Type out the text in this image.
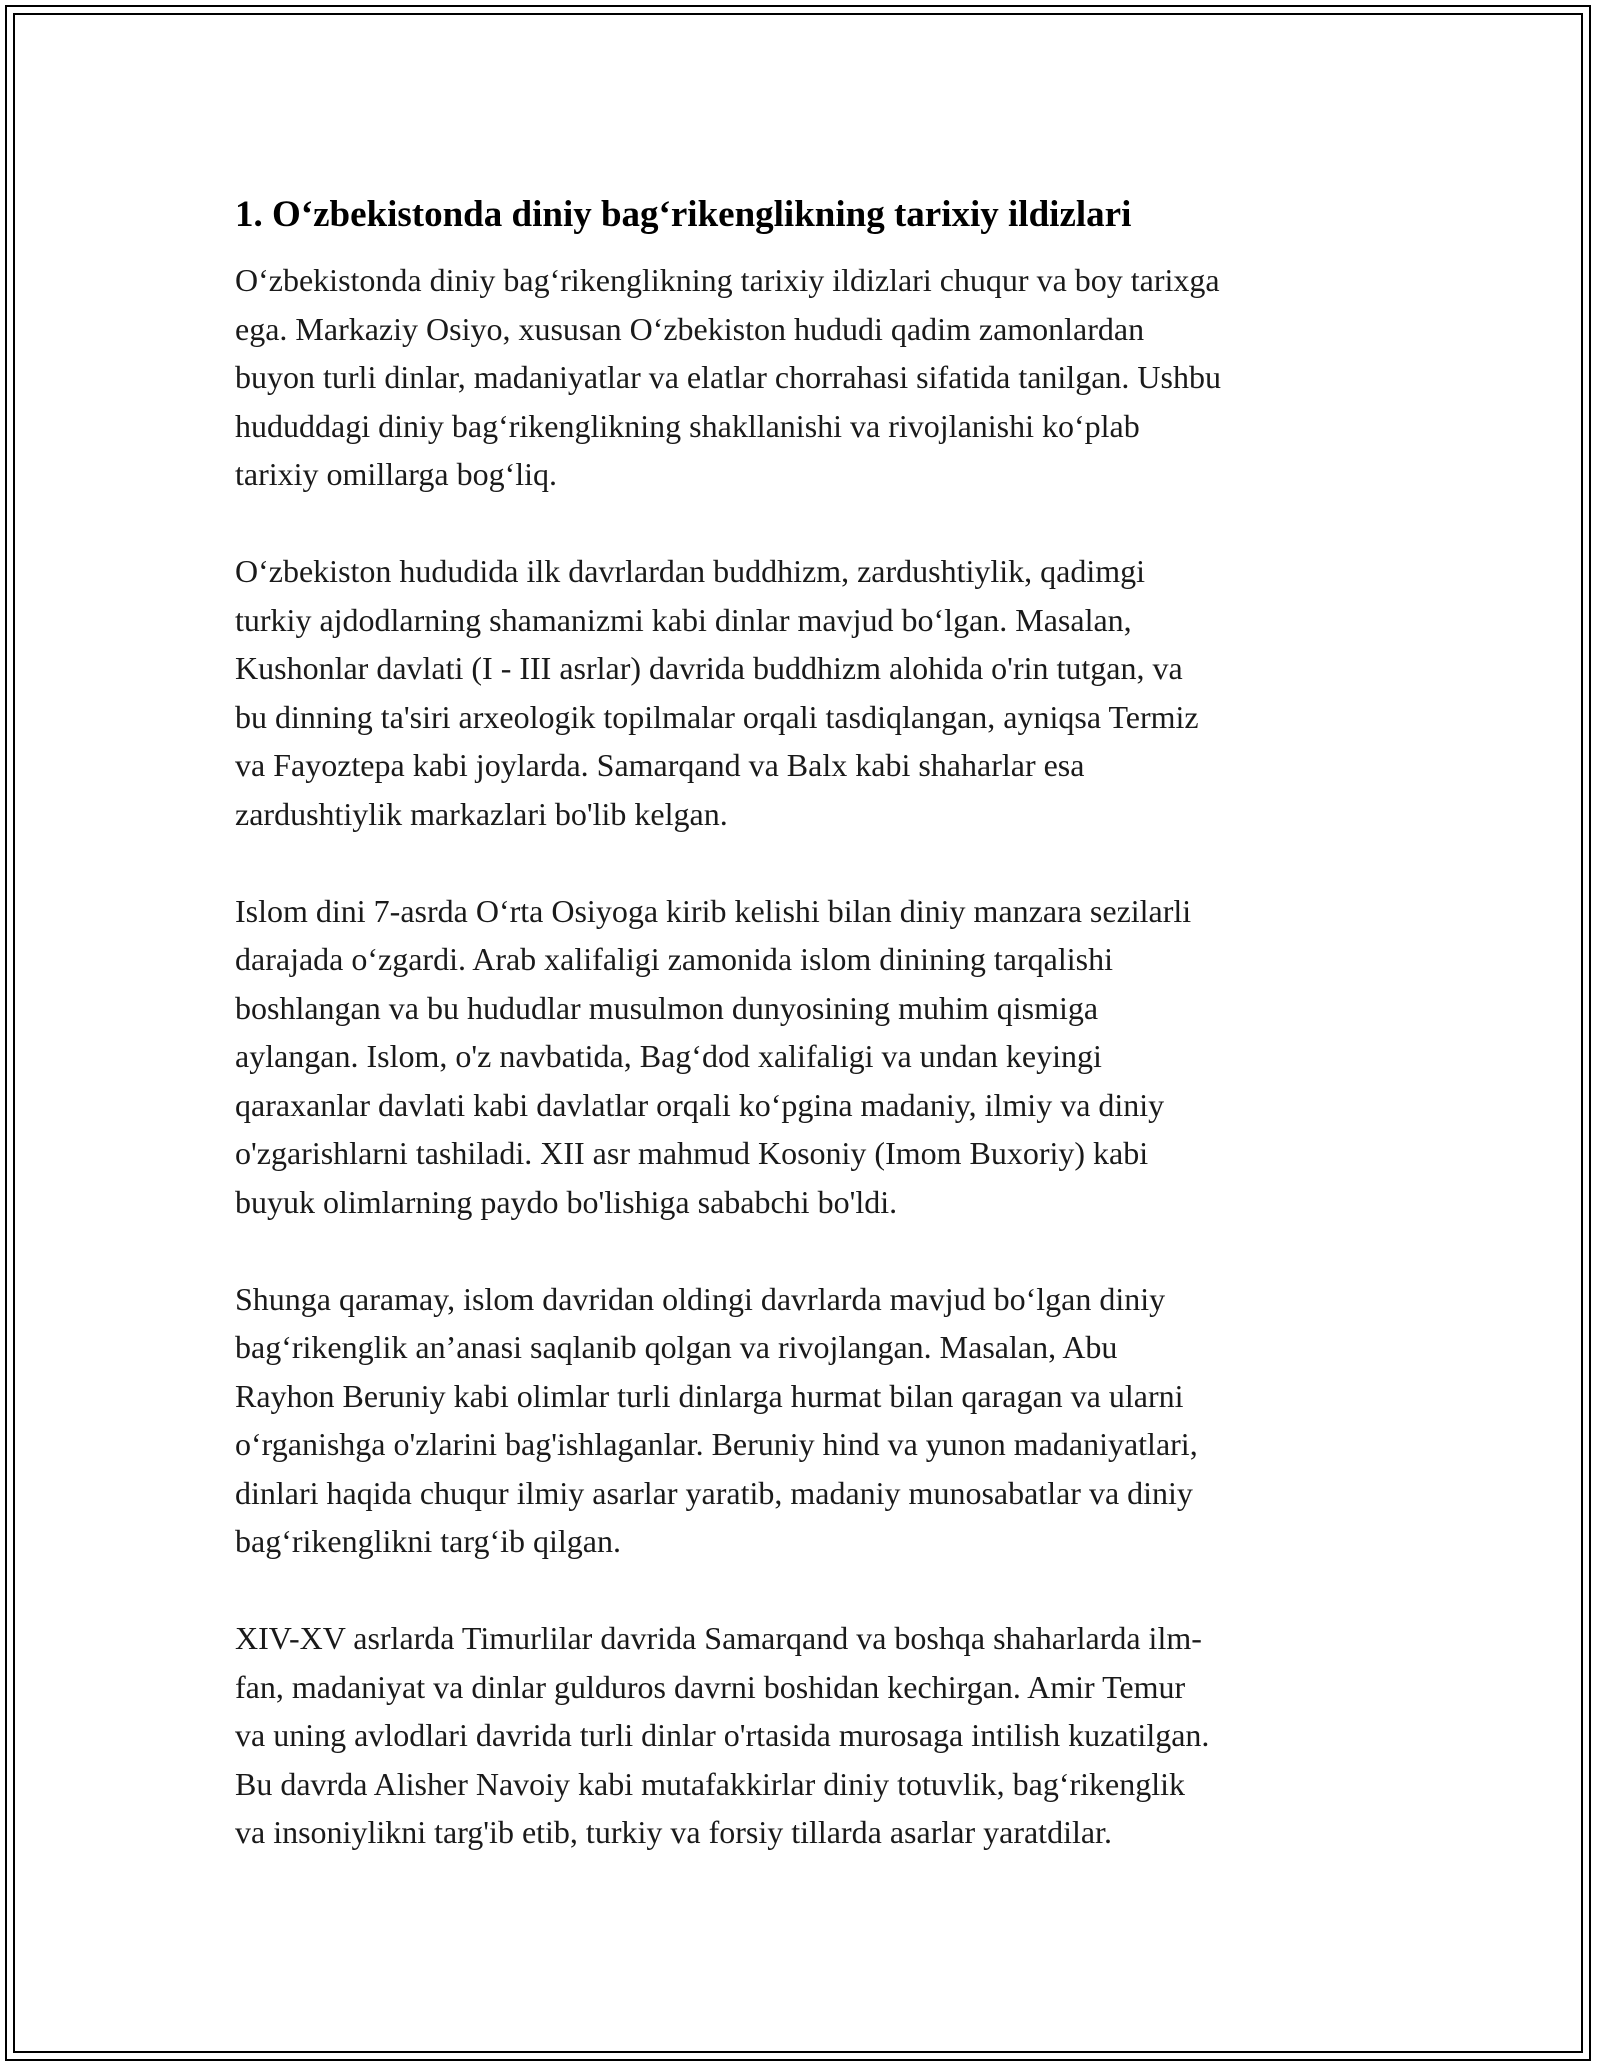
1. O‘zbekistonda diniy bag‘rikenglikning tarixiy ildizlari

O‘zbekistonda diniy bag‘rikenglikning tarixiy ildizlari chuqur va boy tarixga
ega. Markaziy Osiyo, xususan O‘zbekiston hududi qadim zamonlardan
buyon turli dinlar, madaniyatlar va elatlar chorrahasi sifatida tanilgan. Ushbu
hududdagi diniy bag‘rikenglikning shakllanishi va rivojlanishi ko‘plab
tarixiy omillarga bog‘liq.

O‘zbekiston hududida ilk davrlardan buddhizm, zardushtiylik, qadimgi
turkiy ajdodlarning shamanizmi kabi dinlar mavjud bo‘lgan. Masalan,
Kushonlar davlati (I - III asrlar) davrida buddhizm alohida o'rin tutgan, va
bu dinning ta'siri arxeologik topilmalar orqali tasdiqlangan, ayniqsa Termiz
va Fayoztepa kabi joylarda. Samarqand va Balx kabi shaharlar esa
zardushtiylik markazlari bo'lib kelgan.

Islom dini 7-asrda O‘rta Osiyoga kirib kelishi bilan diniy manzara sezilarli
darajada o‘zgardi. Arab xalifaligi zamonida islom dinining tarqalishi
boshlangan va bu hududlar musulmon dunyosining muhim qismiga
aylangan. Islom, o'z navbatida, Bag‘dod xalifaligi va undan keyingi
qaraxanlar davlati kabi davlatlar orqali ko‘pgina madaniy, ilmiy va diniy
o'zgarishlarni tashiladi. XII asr mahmud Kosoniy (Imom Buxoriy) kabi
buyuk olimlarning paydo bo'lishiga sababchi bo'ldi.

Shunga qaramay, islom davridan oldingi davrlarda mavjud bo‘lgan diniy
bag‘rikenglik an’anasi saqlanib qolgan va rivojlangan. Masalan, Abu
Rayhon Beruniy kabi olimlar turli dinlarga hurmat bilan qaragan va ularni
o‘rganishga o'zlarini bag'ishlaganlar. Beruniy hind va yunon madaniyatlari,
dinlari haqida chuqur ilmiy asarlar yaratib, madaniy munosabatlar va diniy
bag‘rikenglikni targ‘ib qilgan.

XIV-XV asrlarda Timurlilar davrida Samarqand va boshqa shaharlarda ilm-
fan, madaniyat va dinlar gulduros davrni boshidan kechirgan. Amir Temur
va uning avlodlari davrida turli dinlar o'rtasida murosaga intilish kuzatilgan.
Bu davrda Alisher Navoiy kabi mutafakkirlar diniy totuvlik, bag‘rikenglik
va insoniylikni targ'ib etib, turkiy va forsiy tillarda asarlar yaratdilar.
